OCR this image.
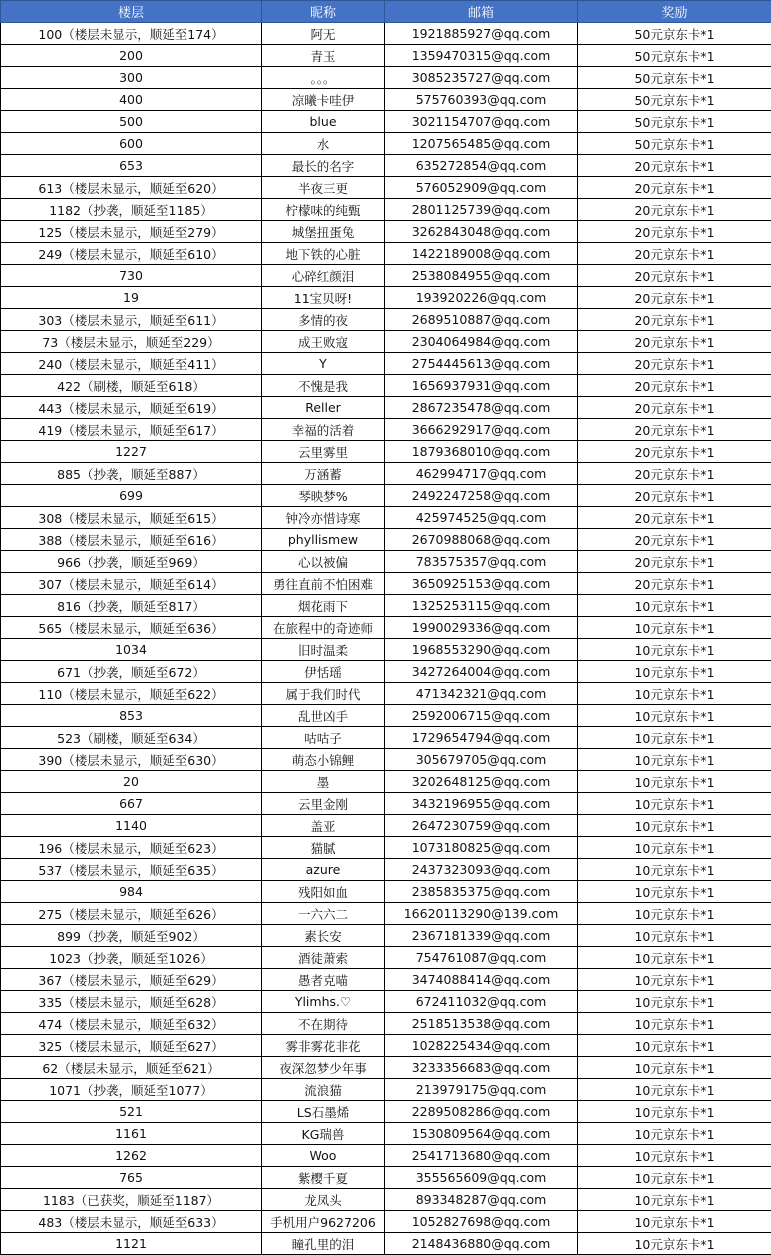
楼层	昵称	邮箱	奖励
100（楼层未显示，顺延至174）	阿无	1921885927@qq.com	50元京东卡*1
200	青玉	1359470315@qq.com	50元京东卡*1
300	。。。	3085235727@qq.com	50元京东卡*1
400	凉曦卡哇伊	575760393@qq.com	50元京东卡*1
500	blue	3021154707@qq.com	50元京东卡*1
600	水	1207565485@qq.com	50元京东卡*1
653	最长的名字	635272854@qq.com	20元京东卡*1
613（楼层未显示，顺延至620）	半夜三更	576052909@qq.com	20元京东卡*1
1182（抄袭，顺延至1185）	柠檬味的纯甄	2801125739@qq.com	20元京东卡*1
125（楼层未显示，顺延至279）	城堡扭蛋兔	3262843048@qq.com	20元京东卡*1
249（楼层未显示，顺延至610）	地下铁的心脏	1422189008@qq.com	20元京东卡*1
730	心碎红颜泪	2538084955@qq.com	20元京东卡*1
19	11宝贝呀!	193920226@qq.com	20元京东卡*1
303（楼层未显示，顺延至611）	多情的夜	2689510887@qq.com	20元京东卡*1
73（楼层未显示，顺延至229）	成王败寇	2304064984@qq.com	20元京东卡*1
240（楼层未显示，顺延至411）	Y	2754445613@qq.com	20元京东卡*1
422（刷楼，顺延至618）	不愧是我	1656937931@qq.com	20元京东卡*1
443（楼层未显示，顺延至619）	Reller	2867235478@qq.com	20元京东卡*1
419（楼层未显示，顺延至617）	幸福的活着	3666292917@qq.com	20元京东卡*1
1227	云里雾里	1879368010@qq.com	20元京东卡*1
885（抄袭，顺延至887）	万涵蓄	462994717@qq.com	20元京东卡*1
699	琴映梦%	2492247258@qq.com	20元京东卡*1
308（楼层未显示，顺延至615）	钟冷亦惜诗寒	425974525@qq.com	20元京东卡*1
388（楼层未显示，顺延至616）	phyllismew	2670988068@qq.com	20元京东卡*1
966（抄袭，顺延至969）	心以被偏	783575357@qq.com	20元京东卡*1
307（楼层未显示，顺延至614）	勇往直前不怕困难	3650925153@qq.com	20元京东卡*1
816（抄袭，顺延至817）	烟花雨下	1325253115@qq.com	10元京东卡*1
565（楼层未显示，顺延至636）	在旅程中的奇迹师	1990029336@qq.com	10元京东卡*1
1034	旧时温柔	1968553290@qq.com	10元京东卡*1
671（抄袭，顺延至672）	伊恬瑶	3427264004@qq.com	10元京东卡*1
110（楼层未显示，顺延至622）	属于我们时代	471342321@qq.com	10元京东卡*1
853	乱世凶手	2592006715@qq.com	10元京东卡*1
523（刷楼，顺延至634）	咕咕子	1729654794@qq.com	10元京东卡*1
390（楼层未显示，顺延至630）	萌态小锦鲤	305679705@qq.com	10元京东卡*1
20	墨	3202648125@qq.com	10元京东卡*1
667	云里金刚	3432196955@qq.com	10元京东卡*1
1140	盖亚	2647230759@qq.com	10元京东卡*1
196（楼层未显示，顺延至623）	猫腻	1073180825@qq.com	10元京东卡*1
537（楼层未显示，顺延至635）	azure	2437323093@qq.com	10元京东卡*1
984	残阳如血	2385835375@qq.com	10元京东卡*1
275（楼层未显示，顺延至626）	一六六二	16620113290@139.com	10元京东卡*1
899（抄袭，顺延至902）	素长安	2367181339@qq.com	10元京东卡*1
1023（抄袭，顺延至1026）	酒徒萧索	754761087@qq.com	10元京东卡*1
367（楼层未显示，顺延至629）	愚者克喵	3474088414@qq.com	10元京东卡*1
335（楼层未显示，顺延至628）	Ylimhs.♡	672411032@qq.com	10元京东卡*1
474（楼层未显示，顺延至632）	不在期待	2518513538@qq.com	10元京东卡*1
325（楼层未显示，顺延至627）	雾非雾花非花	1028225434@qq.com	10元京东卡*1
62（楼层未显示，顺延至621）	夜深忽梦少年事	3233356683@qq.com	10元京东卡*1
1071（抄袭，顺延至1077）	流浪猫	213979175@qq.com	10元京东卡*1
521	LS石墨烯	2289508286@qq.com	10元京东卡*1
1161	KG瑞兽	1530809564@qq.com	10元京东卡*1
1262	Woo	2541713680@qq.com	10元京东卡*1
765	紫樱千夏	355565609@qq.com	10元京东卡*1
1183（已获奖，顺延至1187）	龙凤头	893348287@qq.com	10元京东卡*1
483（楼层未显示，顺延至633）	手机用户9627206	1052827698@qq.com	10元京东卡*1
1121	瞳孔里的泪	2148436880@qq.com	10元京东卡*1
